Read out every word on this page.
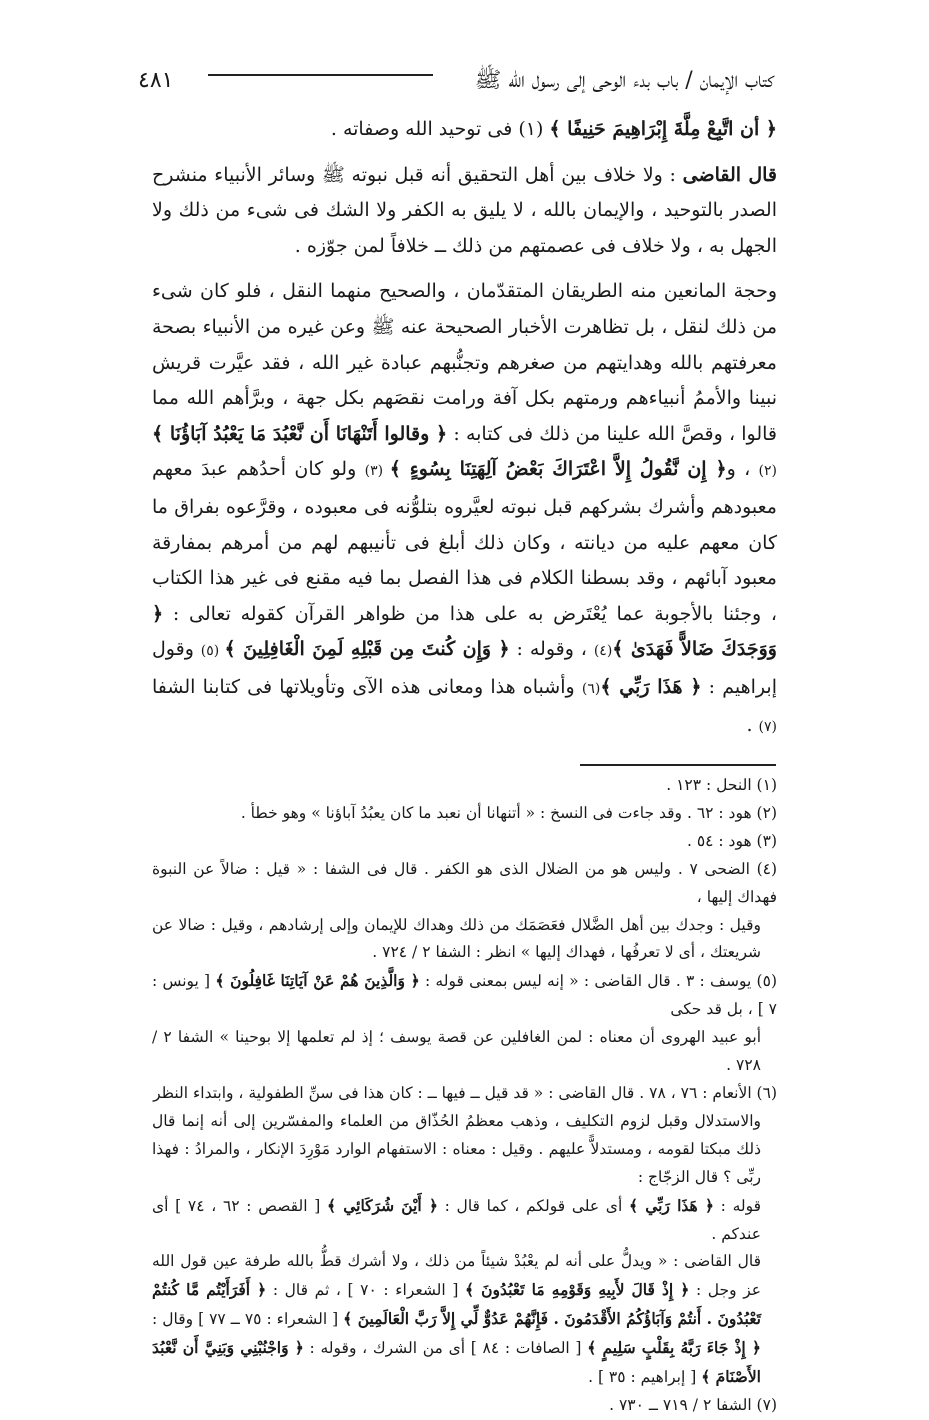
كتاب الإيمان / باب بدء الوحى إلى رسول الله ﷺ
٤٨١

﴿ أن اتَّبِعْ مِلَّةَ إِبْرَاهِيمَ حَنِيفًا ﴾ (١) فى توحيد الله وصفاته .

قال القاضى : ولا خلاف بين أهل التحقيق أنه قبل نبوته ﷺ وسائر الأنبياء منشرح الصدر بالتوحيد ، والإيمان بالله ، لا يليق به الكفر ولا الشك فى شىء من ذلك ولا الجهل به ، ولا خلاف فى عصمتهم من ذلك ــ خلافاً لمن جوّزه .

وحجة المانعين منه الطريقان المتقدّمان ، والصحيح منهما النقل ، فلو كان شىء من ذلك لنقل ، بل تظاهرت الأخبار الصحيحة عنه ﷺ وعن غيره من الأنبياء بصحة معرفتهم بالله وهدايتهم من صغرهم وتجنُّبهم عبادة غير الله ، فقد عيَّرت قريش نبينا والأممُ أنبياءهم ورمتهم بكل آفة ورامت نقصَهم بكل جهة ، وبرَّأهم الله مما قالوا ، وقصَّ الله علينا من ذلك فى كتابه : ﴿ وقالوا أَتَنْهَانَا أَن نَّعْبُدَ مَا يَعْبُدُ آبَاؤُنَا ﴾(٢) ، و﴿ إِن نَّقُولُ إِلاَّ اعْتَرَاكَ بَعْضُ آلِهَتِنَا بِسُوءٍ ﴾ (٣) ولو كان أحدُهم عبدَ معهم معبودهم وأشرك بشركهم قبل نبوته لعيَّروه بتلوُّنه فى معبوده ، وقرَّعوه بفراق ما كان معهم عليه من ديانته ، وكان ذلك أبلغ فى تأنيبهم لهم من أمرهم بمفارقة معبود آبائهم ، وقد بسطنا الكلام فى هذا الفصل بما فيه مقنع فى غير هذا الكتاب ، وجئنا بالأجوبة عما يُعْتَرض به على هذا من ظواهر القرآن كقوله تعالى : ﴿ وَوَجَدَكَ ضَالاًّ فَهَدَىٰ ﴾(٤) ، وقوله : ﴿ وَإِن كُنتَ مِن قَبْلِهِ لَمِنَ الْغَافِلِينَ ﴾ (٥) وقول إبراهيم : ﴿ هَذَا رَبِّي ﴾(٦) وأشباه هذا ومعانى هذه الآى وتأويلاتها فى كتابنا الشفا (٧) .

(١) النحل : ١٢٣ .

(٢) هود : ٦٢ . وقد جاءت فى النسخ : « أتنهانا أن نعبد ما كان يعبُدُ آباؤنا » وهو خطأ .

(٣) هود : ٥٤ .

(٤) الضحى ٧ . وليس هو من الضلال الذى هو الكفر . قال فى الشفا : « قيل : ضالاً عن النبوة فهداك إليها ،

وقيل : وجدك بين أهل الضَّلال فعَصَمَك من ذلك وهداك للإيمان وإلى إرشادهم ، وقيل : ضالا عن شريعتك ، أى لا تعرفُها ، فهداك إليها » انظر : الشفا ٢ / ٧٢٤ .

(٥) يوسف : ٣ . قال القاضى : « إنه ليس بمعنى قوله : ﴿ وَالَّذِينَ هُمْ عَنْ آيَاتِنَا غَافِلُونَ ﴾ [ يونس : ٧ ] ، بل قد حكى

أبو عبيد الهروى أن معناه : لمن الغافلين عن قصة يوسف ؛ إذ لم تعلمها إلا بوحينا » الشفا ٢ / ٧٢٨ .

(٦) الأنعام : ٧٦ ، ٧٨ . قال القاضى : « قد قيل ــ فيها ــ : كان هذا فى سنِّ الطفولية ، وابتداء النظر

والاستدلال وقبل لزوم التكليف ، وذهب معظمُ الحُذّاق من العلماء والمفسّرين إلى أنه إنما قال ذلك مبكتا لقومه ، ومستدلاًّ عليهم . وقيل : معناه : الاستفهام الوارد مَوْرِدَ الإنكار ، والمرادُ : فهذا ربِّى ؟ قال الزجّاج :

قوله : ﴿ هَذَا رَبِّي ﴾ أى على قولكم ، كما قال : ﴿ أَيْنَ شُرَكَائِي ﴾ [ القصص : ٦٢ ، ٧٤ ] أى عندكم .

قال القاضى : « ويدلُّ على أنه لم يعْبُدْ شيئاً من ذلك ، ولا أشرك قطُّ بالله طرفة عين قول الله عز وجل : ﴿ إِذْ قَالَ لأَبِيهِ وَقَوْمِهِ مَا تَعْبُدُونَ ﴾ [ الشعراء : ٧٠ ] ، ثم قال : ﴿ أَفَرَأَيْتُم مَّا كُنتُمْ تَعْبُدُونَ . أَنتُمْ وَآبَاؤُكُمُ الأَقْدَمُونَ . فَإِنَّهُمْ عَدُوٌّ لِّي إِلاَّ رَبَّ الْعَالَمِينَ ﴾ [ الشعراء : ٧٥ ــ ٧٧ ] وقال : ﴿ إِذْ جَاءَ رَبَّهُ بِقَلْبٍ سَلِيمٍ ﴾ [ الصافات : ٨٤ ] أى من الشرك ، وقوله : ﴿ وَاجْنُبْنِي وَبَنِيَّ أَن نَّعْبُدَ الأَصْنَامَ ﴾ [ إبراهيم : ٣٥ ] .

(٧) الشفا ٢ / ٧١٩ ــ ٧٣٠ .
